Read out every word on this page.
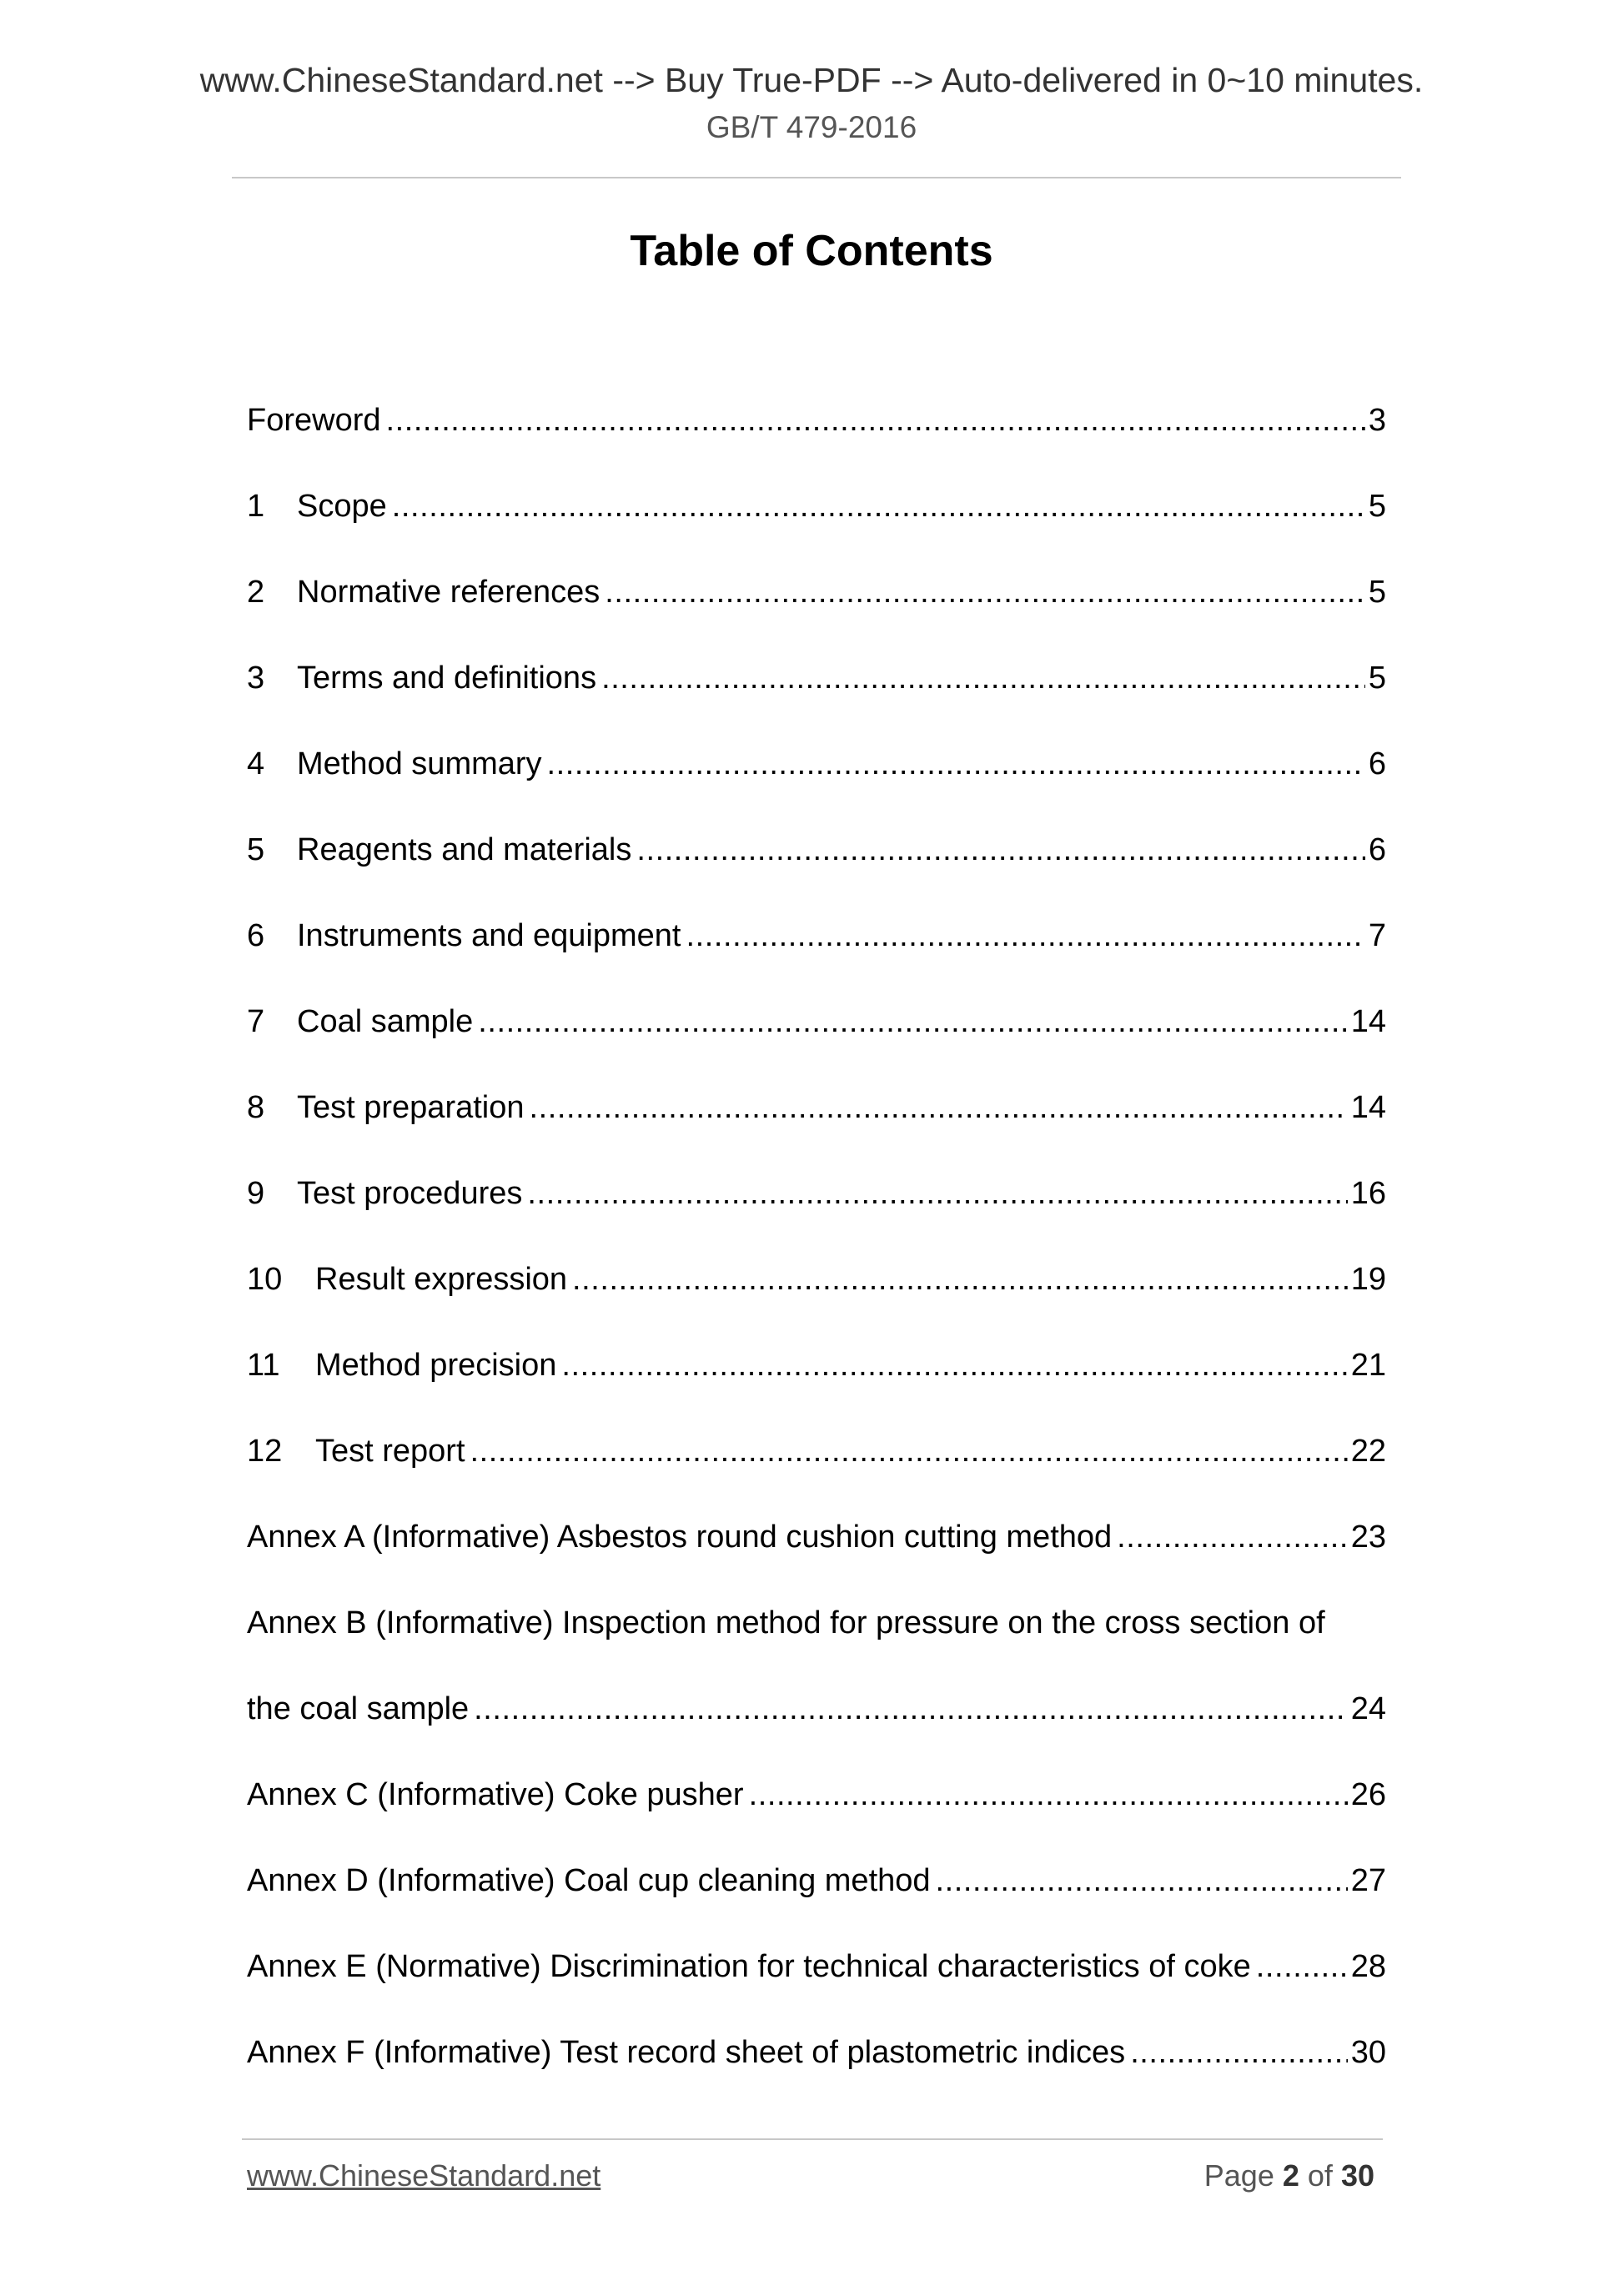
www.ChineseStandard.net --> Buy True-PDF --> Auto-delivered in 0~10 minutes.
GB/T 479-2016
Table of Contents
Foreword . . .	3
1	Scope . . .	5
2	Normative references . . .	5
3	Terms and definitions . . .	5
4	Method summary . . .	6
5	Reagents and materials . . .	6
6	Instruments and equipment . . .	7
7	Coal sample . . .	14
8	Test preparation . . .	14
9	Test procedures . . .	16
10	Result expression . . .	19
11	Method precision . . .	21
12	Test report . . .	22
Annex A (Informative) Asbestos round cushion cutting method . . .	23
Annex B (Informative) Inspection method for pressure on the cross section of
the coal sample . . .	24
Annex C (Informative) Coke pusher . . .	26
Annex D (Informative) Coal cup cleaning method . . .	27
Annex E (Normative) Discrimination for technical characteristics of coke . . .	28
Annex F (Informative) Test record sheet of plastometric indices . . .	30
www.ChineseStandard.net	Page 2 of 30
